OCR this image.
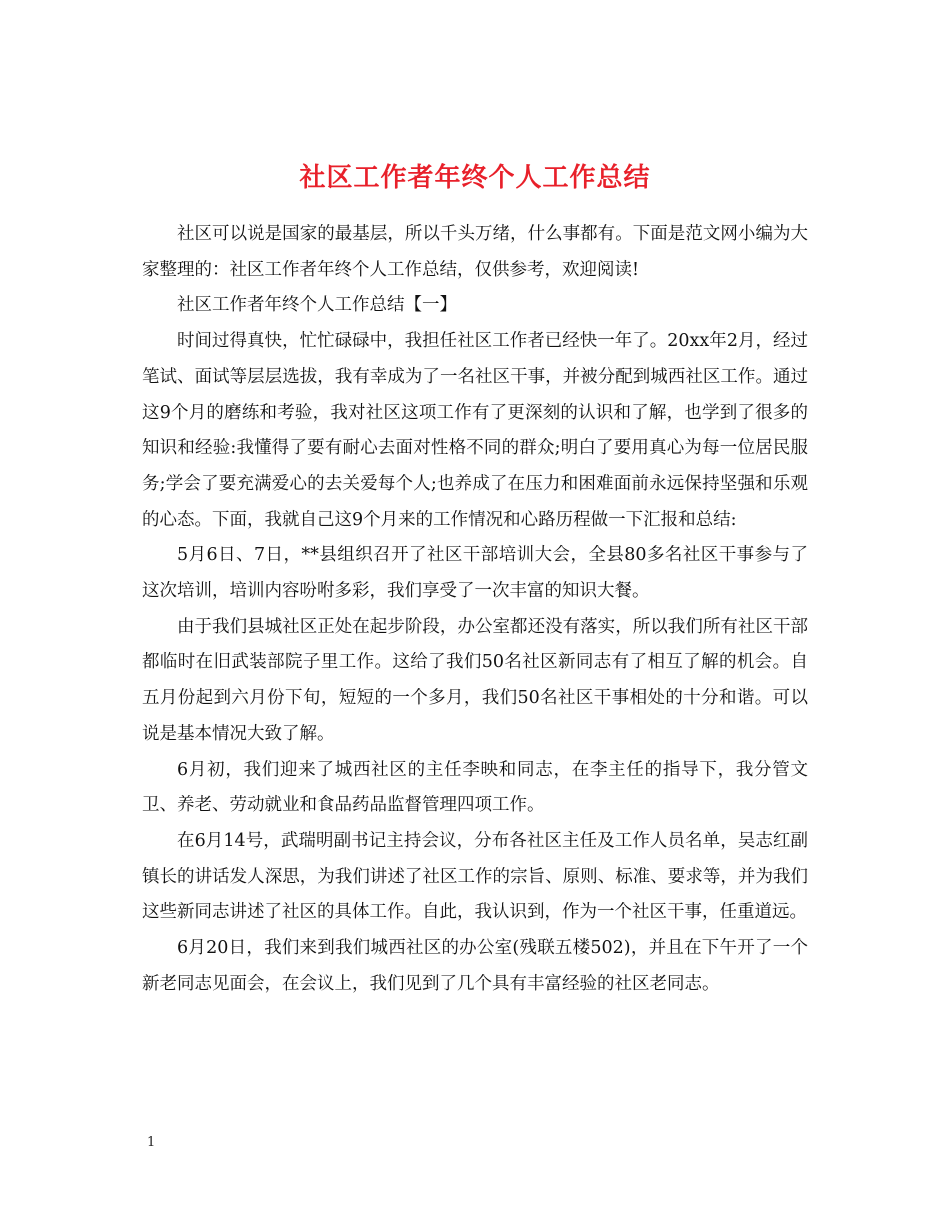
社区工作者年终个人工作总结

社区可以说是国家的最基层，所以千头万绪，什么事都有。下面是范文网小编为大家整理的：社区工作者年终个人工作总结，仅供参考，欢迎阅读!

社区工作者年终个人工作总结【一】

时间过得真快，忙忙碌碌中，我担任社区工作者已经快一年了。20xx年2月，经过笔试、面试等层层选拔，我有幸成为了一名社区干事，并被分配到城西社区工作。通过这9个月的磨练和考验，我对社区这项工作有了更深刻的认识和了解，也学到了很多的知识和经验:我懂得了要有耐心去面对性格不同的群众;明白了要用真心为每一位居民服务;学会了要充满爱心的去关爱每个人;也养成了在压力和困难面前永远保持坚强和乐观的心态。下面，我就自己这9个月来的工作情况和心路历程做一下汇报和总结:

5月6日、7日，**县组织召开了社区干部培训大会，全县80多名社区干事参与了这次培训，培训内容吩咐多彩，我们享受了一次丰富的知识大餐。

由于我们县城社区正处在起步阶段，办公室都还没有落实，所以我们所有社区干部都临时在旧武装部院子里工作。这给了我们50名社区新同志有了相互了解的机会。自五月份起到六月份下旬，短短的一个多月，我们50名社区干事相处的十分和谐。可以说是基本情况大致了解。

6月初，我们迎来了城西社区的主任李映和同志，在李主任的指导下，我分管文卫、养老、劳动就业和食品药品监督管理四项工作。

在6月14号，武瑞明副书记主持会议，分布各社区主任及工作人员名单，吴志红副镇长的讲话发人深思，为我们讲述了社区工作的宗旨、原则、标准、要求等，并为我们这些新同志讲述了社区的具体工作。自此，我认识到，作为一个社区干事，任重道远。

6月20日，我们来到我们城西社区的办公室(残联五楼502)，并且在下午开了一个新老同志见面会，在会议上，我们见到了几个具有丰富经验的社区老同志。

1
